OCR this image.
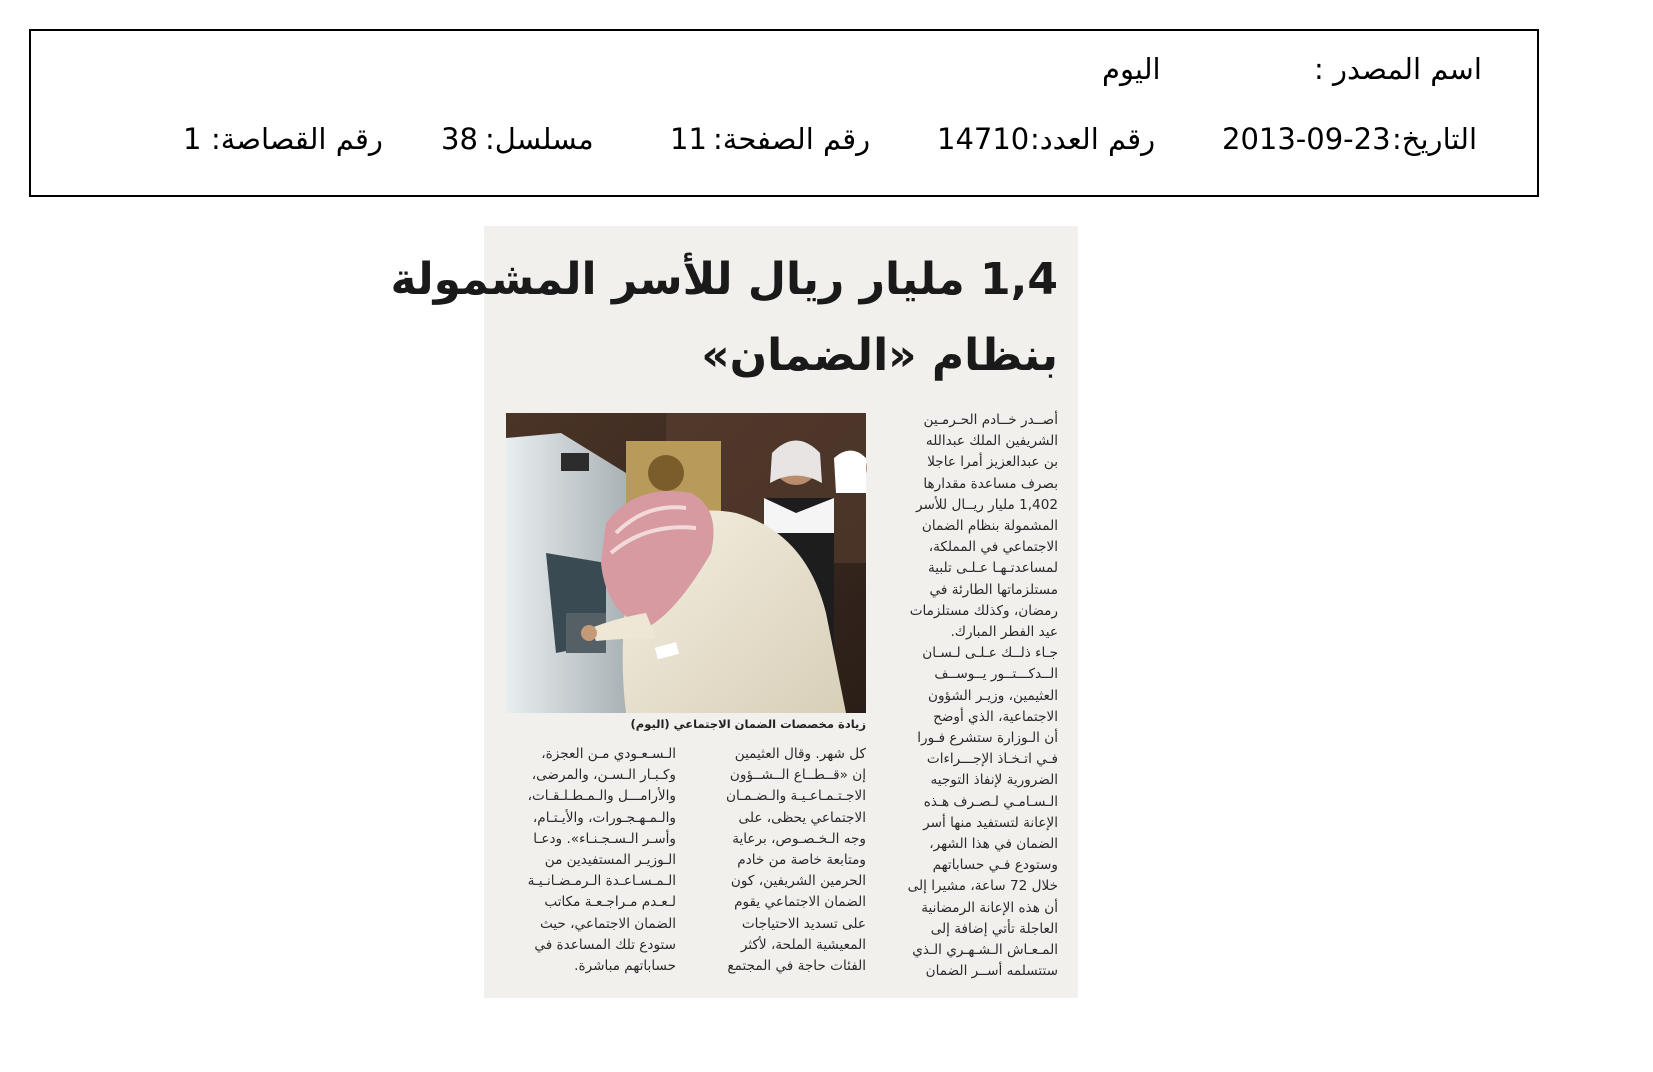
اسم المصدر :
اليوم
التاريخ:
2013-09-23
رقم العدد:
14710
رقم الصفحة:
11
مسلسل:
38
رقم القصاصة:
1
1,4 مليار ريال للأسر المشمولة
بنظام «الضمان»
زيادة مخصصات الضمان الاجتماعي (اليوم)
أصــدر خــادم الحـرمـين
الشريفين الملك عبدالله
بن عبدالعزيز أمرا عاجلا
بصرف مساعدة مقدارها
1,402 مليار ريــال للأسر
المشمولة بنظام الضمان
الاجتماعي في المملكة،
لمساعدتـهـا عـلـى تلبية
مستلزماتها الطارئة في
رمضان، وكذلك مستلزمات
عيد الفطر المبارك.
جـاء ذلــك عـلـى لـسـان
الــدكـــتــور يــوســف
العثيمين، وزيـر الشؤون
الاجتماعية، الذي أوضح
أن الـوزارة ستشرع فـورا
فـي اتـخـاذ الإجـــراءات
الضرورية لإنفاذ التوجيه
الـسـامـي لـصـرف هـذه
الإعانة لتستفيد منها أسر
الضمان في هذا الشهر،
وستودع فـي حساباتهم
خلال 72 ساعة، مشيرا إلى
أن هذه الإعانة الرمضانية
العاجلة تأتي إضافة إلى
المـعـاش الـشـهـري الـذي
ستتسلمه أســر الضمان
كل شهر. وقال العثيمين
إن «قــطــاع الــشــؤون
الاجـتـمـاعـيـة والـضـمـان
الاجتماعي يحظى، على
وجه الـخـصـوص، برعاية
ومتابعة خاصة من خادم
الحرمين الشريفين، كون
الضمان الاجتماعي يقوم
على تسديد الاحتياجات
المعيشية الملحة، لأكثر
الفئات حاجة في المجتمع
الـسـعـودي مـن العجزة،
وكـبـار الـسـن، والمرضى،
والأرامـــل والـمـطـلـقـات،
والـمـهـجـورات، والأيـتـام،
وأسـر الـسـجـنـاء». ودعـا
الـوزيـر المستفيدين من
الـمـسـاعـدة الـرمـضـانـيـة
لـعـدم مـراجـعـة مكاتب
الضمان الاجتماعي، حيث
ستودع تلك المساعدة في
حساباتهم مباشرة.
